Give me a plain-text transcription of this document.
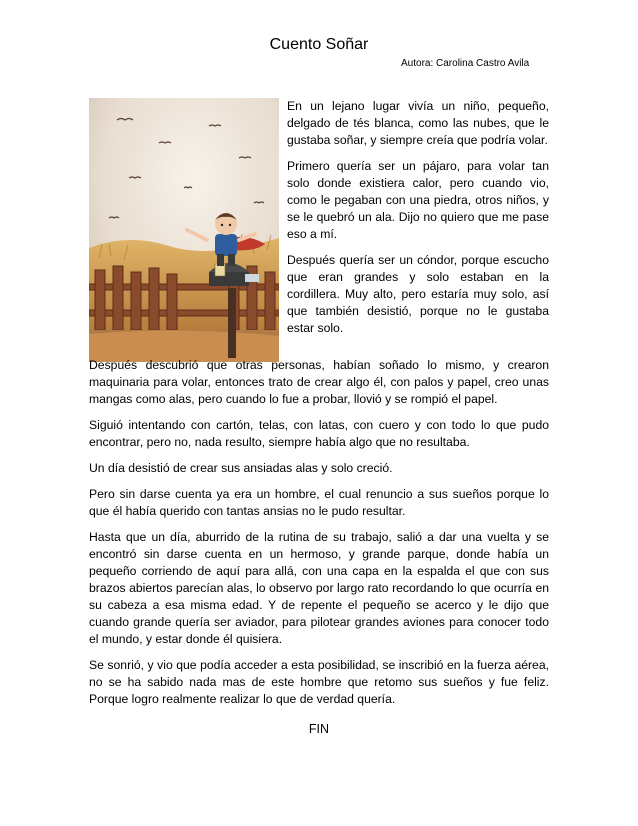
Cuento Soñar
Autora: Carolina Castro Avila

En un lejano lugar vivía un niño, pequeño, delgado de tés blanca, como las nubes, que le gustaba soñar, y siempre creía que podría volar.

Primero quería ser un pájaro, para volar tan solo donde existiera calor, pero cuando vio, como le pegaban con una piedra, otros niños, y se le quebró un ala. Dijo no quiero que me pase eso a mí.

Después quería ser un cóndor, porque escucho que eran grandes y solo estaban en la cordillera. Muy alto, pero estaría muy solo, así que también desistió, porque no le gustaba estar solo.

Después descubrió que otras personas, habían soñado lo mismo, y crearon maquinaria para volar, entonces trato de crear algo él, con palos y papel, creo unas mangas como alas, pero cuando lo fue a probar, llovió y se rompió el papel.

Siguió intentando con cartón, telas, con latas, con cuero y con todo lo que pudo encontrar, pero no, nada resulto, siempre había algo que no resultaba.

Un día desistió de crear sus ansiadas alas y solo creció.

Pero sin darse cuenta ya era un hombre, el cual renuncio a sus sueños porque lo que él había querido con tantas ansias no le pudo resultar.

Hasta que un día, aburrido de la rutina de su trabajo, salió a dar una vuelta y se encontró sin darse cuenta en un hermoso, y grande parque, donde había un pequeño corriendo de aquí para allá, con una capa en la espalda el que con sus brazos abiertos parecían alas, lo observo por largo rato recordando lo que ocurría en su cabeza a esa misma edad. Y de repente el pequeño se acerco y le dijo que cuando grande quería ser aviador, para pilotear grandes aviones para conocer todo el mundo, y estar donde él quisiera.

Se sonrió, y vio que podía acceder a esta posibilidad, se inscribió en la fuerza aérea, no se ha sabido nada mas de este hombre que retomo sus sueños y fue feliz. Porque logro realmente realizar lo que de verdad quería.

FIN
